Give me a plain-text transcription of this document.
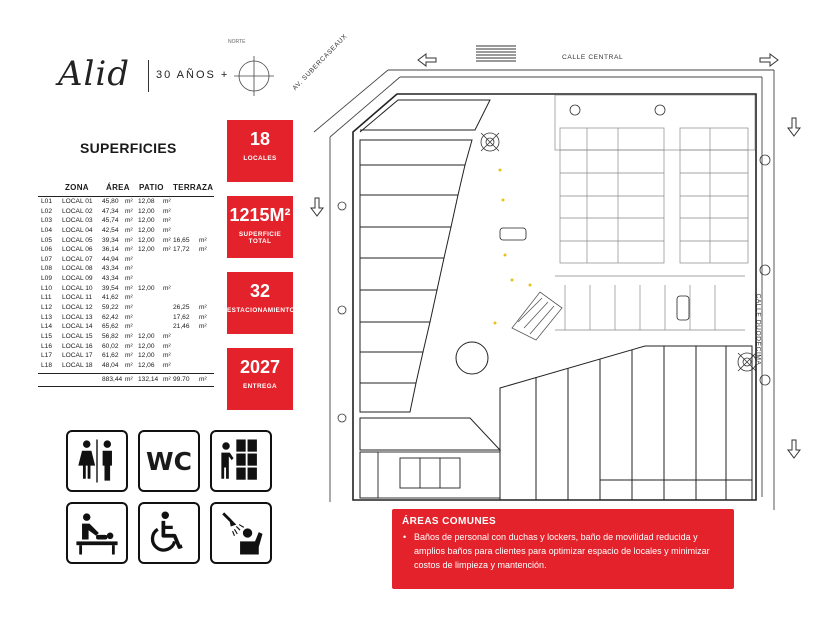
Alid 30 AÑOS +
NORTE
SUPERFICIES
ZONA ÁREA PATIO TERRAZA
L01 LOCAL 01 45,80 m² 12,08 m²
L02 LOCAL 02 47,34 m² 12,00 m²
L03 LOCAL 03 45,74 m² 12,00 m²
L04 LOCAL 04 42,54 m² 12,00 m²
L05 LOCAL 05 39,34 m² 12,00 m² 16,65 m²
L06 LOCAL 06 36,14 m² 12,00 m² 17,72 m²
L07 LOCAL 07 44,94 m²
L08 LOCAL 08 43,34 m²
L09 LOCAL 09 43,34 m²
L10 LOCAL 10 39,54 m² 12,00 m²
L11 LOCAL 11 41,62 m²
L12 LOCAL 12 59,22 m²	26,25 m²
L13 LOCAL 13 62,42 m²	17,62 m²
L14 LOCAL 14 65,62 m²	21,46 m²
L15 LOCAL 15 56,82 m² 12,00 m²
L16 LOCAL 16 60,02 m² 12,00 m²
L17 LOCAL 17 61,62 m² 12,00 m²
L18 LOCAL 18 48,04 m² 12,06 m²
883,44 m² 132,14 m² 99.70 m²
18
LOCALES
1215M²
SUPERFICIE TOTAL
32
ESTACIONAMIENTOS
2027
ENTREGA
WC
CALLE CENTRAL
AV. SUBERCASEAUX
CALLE DUODÉCIMA
ÁREAS COMUNES
• Baños de personal con duchas y lockers, baño de movilidad reducida y amplios baños para clientes para optimizar espacio de locales y minimizar costos de limpieza y mantención.
